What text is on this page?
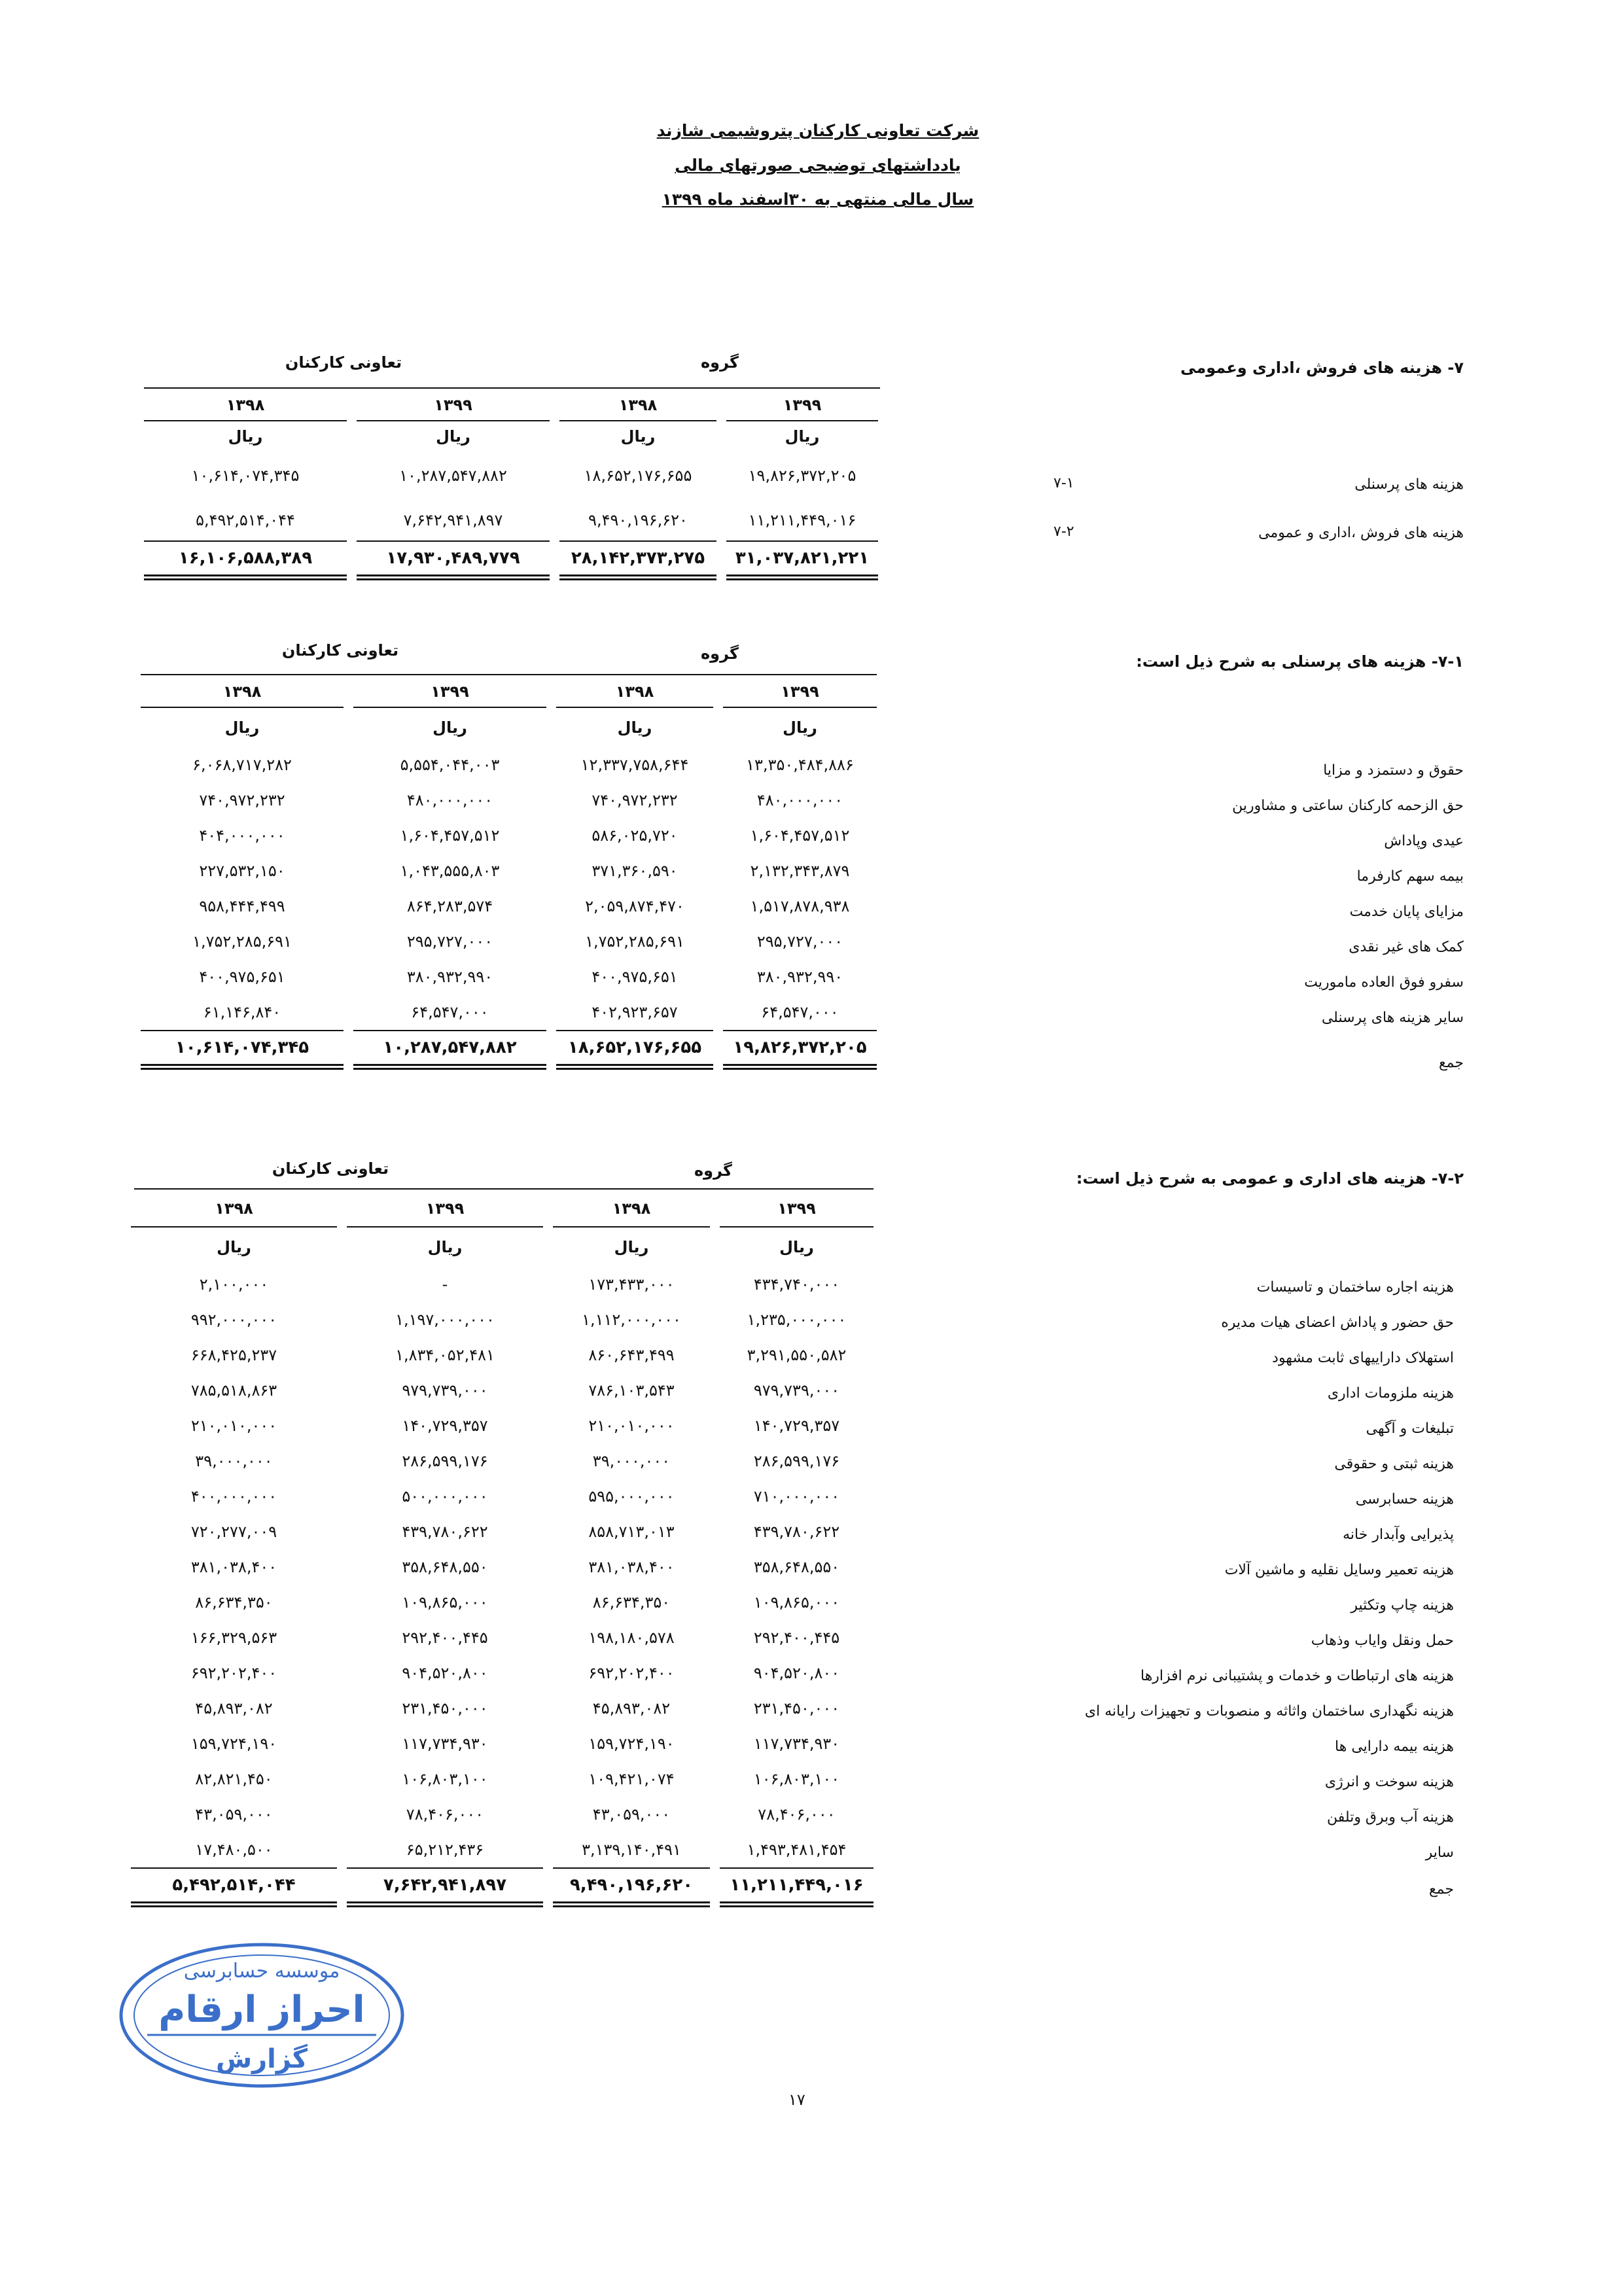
شرکت تعاونی کارکنان پتروشیمی شازند
یادداشتهای توضیحی صورتهای مالی
سال مالی منتهی به ۳۰اسفند ماه ۱۳۹۹
۷- هزینه های فروش ،اداری وعمومی
گروه
تعاونی کارکنان
۱۳۹۹
ریال
۱۹,۸۲۶,۳۷۲,۲۰۵
۱۱,۲۱۱,۴۴۹,۰۱۶
۳۱,۰۳۷,۸۲۱,۲۲۱
۱۳۹۸
ریال
۱۸,۶۵۲,۱۷۶,۶۵۵
۹,۴۹۰,۱۹۶,۶۲۰
۲۸,۱۴۲,۳۷۳,۲۷۵
۱۳۹۹
ریال
۱۰,۲۸۷,۵۴۷,۸۸۲
۷,۶۴۲,۹۴۱,۸۹۷
۱۷,۹۳۰,۴۸۹,۷۷۹
۱۳۹۸
ریال
۱۰,۶۱۴,۰۷۴,۳۴۵
۵,۴۹۲,۵۱۴,۰۴۴
۱۶,۱۰۶,۵۸۸,۳۸۹
هزینه های پرسنلی
۷-۱
هزینه های فروش ،اداری و عمومی
۷-۲
۷-۱- هزینه های پرسنلی به شرح ذیل است:
گروه
تعاونی کارکنان
۱۳۹۹
ریال
۱۳,۳۵۰,۴۸۴,۸۸۶
۴۸۰,۰۰۰,۰۰۰
۱,۶۰۴,۴۵۷,۵۱۲
۲,۱۳۲,۳۴۳,۸۷۹
۱,۵۱۷,۸۷۸,۹۳۸
۲۹۵,۷۲۷,۰۰۰
۳۸۰,۹۳۲,۹۹۰
۶۴,۵۴۷,۰۰۰
۱۹,۸۲۶,۳۷۲,۲۰۵
۱۳۹۸
ریال
۱۲,۳۳۷,۷۵۸,۶۴۴
۷۴۰,۹۷۲,۲۳۲
۵۸۶,۰۲۵,۷۲۰
۳۷۱,۳۶۰,۵۹۰
۲,۰۵۹,۸۷۴,۴۷۰
۱,۷۵۲,۲۸۵,۶۹۱
۴۰۰,۹۷۵,۶۵۱
۴۰۲,۹۲۳,۶۵۷
۱۸,۶۵۲,۱۷۶,۶۵۵
۱۳۹۹
ریال
۵,۵۵۴,۰۴۴,۰۰۳
۴۸۰,۰۰۰,۰۰۰
۱,۶۰۴,۴۵۷,۵۱۲
۱,۰۴۳,۵۵۵,۸۰۳
۸۶۴,۲۸۳,۵۷۴
۲۹۵,۷۲۷,۰۰۰
۳۸۰,۹۳۲,۹۹۰
۶۴,۵۴۷,۰۰۰
۱۰,۲۸۷,۵۴۷,۸۸۲
۱۳۹۸
ریال
۶,۰۶۸,۷۱۷,۲۸۲
۷۴۰,۹۷۲,۲۳۲
۴۰۴,۰۰۰,۰۰۰
۲۲۷,۵۳۲,۱۵۰
۹۵۸,۴۴۴,۴۹۹
۱,۷۵۲,۲۸۵,۶۹۱
۴۰۰,۹۷۵,۶۵۱
۶۱,۱۴۶,۸۴۰
۱۰,۶۱۴,۰۷۴,۳۴۵
حقوق و دستمزد و مزایا
حق الزحمه کارکنان ساعتی و مشاورین
عیدی وپاداش
بیمه سهم کارفرما
مزایای پایان خدمت
کمک های غیر نقدی
سفرو فوق العاده ماموریت
سایر هزینه های پرسنلی
جمع
۷-۲- هزینه های اداری و عمومی به شرح ذیل است:
گروه
تعاونی کارکنان
۱۳۹۹
ریال
۴۳۴,۷۴۰,۰۰۰
۱,۲۳۵,۰۰۰,۰۰۰
۳,۲۹۱,۵۵۰,۵۸۲
۹۷۹,۷۳۹,۰۰۰
۱۴۰,۷۲۹,۳۵۷
۲۸۶,۵۹۹,۱۷۶
۷۱۰,۰۰۰,۰۰۰
۴۳۹,۷۸۰,۶۲۲
۳۵۸,۶۴۸,۵۵۰
۱۰۹,۸۶۵,۰۰۰
۲۹۲,۴۰۰,۴۴۵
۹۰۴,۵۲۰,۸۰۰
۲۳۱,۴۵۰,۰۰۰
۱۱۷,۷۳۴,۹۳۰
۱۰۶,۸۰۳,۱۰۰
۷۸,۴۰۶,۰۰۰
۱,۴۹۳,۴۸۱,۴۵۴
۱۱,۲۱۱,۴۴۹,۰۱۶
۱۳۹۸
ریال
۱۷۳,۴۳۳,۰۰۰
۱,۱۱۲,۰۰۰,۰۰۰
۸۶۰,۶۴۳,۴۹۹
۷۸۶,۱۰۳,۵۴۳
۲۱۰,۰۱۰,۰۰۰
۳۹,۰۰۰,۰۰۰
۵۹۵,۰۰۰,۰۰۰
۸۵۸,۷۱۳,۰۱۳
۳۸۱,۰۳۸,۴۰۰
۸۶,۶۳۴,۳۵۰
۱۹۸,۱۸۰,۵۷۸
۶۹۲,۲۰۲,۴۰۰
۴۵,۸۹۳,۰۸۲
۱۵۹,۷۲۴,۱۹۰
۱۰۹,۴۲۱,۰۷۴
۴۳,۰۵۹,۰۰۰
۳,۱۳۹,۱۴۰,۴۹۱
۹,۴۹۰,۱۹۶,۶۲۰
۱۳۹۹
ریال
-
۱,۱۹۷,۰۰۰,۰۰۰
۱,۸۳۴,۰۵۲,۴۸۱
۹۷۹,۷۳۹,۰۰۰
۱۴۰,۷۲۹,۳۵۷
۲۸۶,۵۹۹,۱۷۶
۵۰۰,۰۰۰,۰۰۰
۴۳۹,۷۸۰,۶۲۲
۳۵۸,۶۴۸,۵۵۰
۱۰۹,۸۶۵,۰۰۰
۲۹۲,۴۰۰,۴۴۵
۹۰۴,۵۲۰,۸۰۰
۲۳۱,۴۵۰,۰۰۰
۱۱۷,۷۳۴,۹۳۰
۱۰۶,۸۰۳,۱۰۰
۷۸,۴۰۶,۰۰۰
۶۵,۲۱۲,۴۳۶
۷,۶۴۲,۹۴۱,۸۹۷
۱۳۹۸
ریال
۲,۱۰۰,۰۰۰
۹۹۲,۰۰۰,۰۰۰
۶۶۸,۴۲۵,۲۳۷
۷۸۵,۵۱۸,۸۶۳
۲۱۰,۰۱۰,۰۰۰
۳۹,۰۰۰,۰۰۰
۴۰۰,۰۰۰,۰۰۰
۷۲۰,۲۷۷,۰۰۹
۳۸۱,۰۳۸,۴۰۰
۸۶,۶۳۴,۳۵۰
۱۶۶,۳۲۹,۵۶۳
۶۹۲,۲۰۲,۴۰۰
۴۵,۸۹۳,۰۸۲
۱۵۹,۷۲۴,۱۹۰
۸۲,۸۲۱,۴۵۰
۴۳,۰۵۹,۰۰۰
۱۷,۴۸۰,۵۰۰
۵,۴۹۲,۵۱۴,۰۴۴
هزینه اجاره ساختمان و تاسیسات
حق حضور و پاداش اعضای هیات مدیره
استهلاک داراییهای ثابت مشهود
هزینه ملزومات اداری
تبلیغات و آگهی
هزینه ثبتی و حقوقی
هزینه حسابرسی
پذیرایی وآبدار خانه
هزینه تعمیر وسایل نقلیه و ماشین آلات
هزینه چاپ وتکثیر
حمل ونقل وایاب وذهاب
هزینه های ارتباطات و خدمات و پشتیبانی نرم افزارها
هزینه نگهداری ساختمان واثاثه و منصوبات و تجهیزات رایانه ای
هزینه بیمه دارایی ها
هزینه سوخت و انرژی
هزینه آب وبرق وتلفن
سایر
جمع
موسسه حسابرسی
احراز ارقام
گزارش
۱۷
